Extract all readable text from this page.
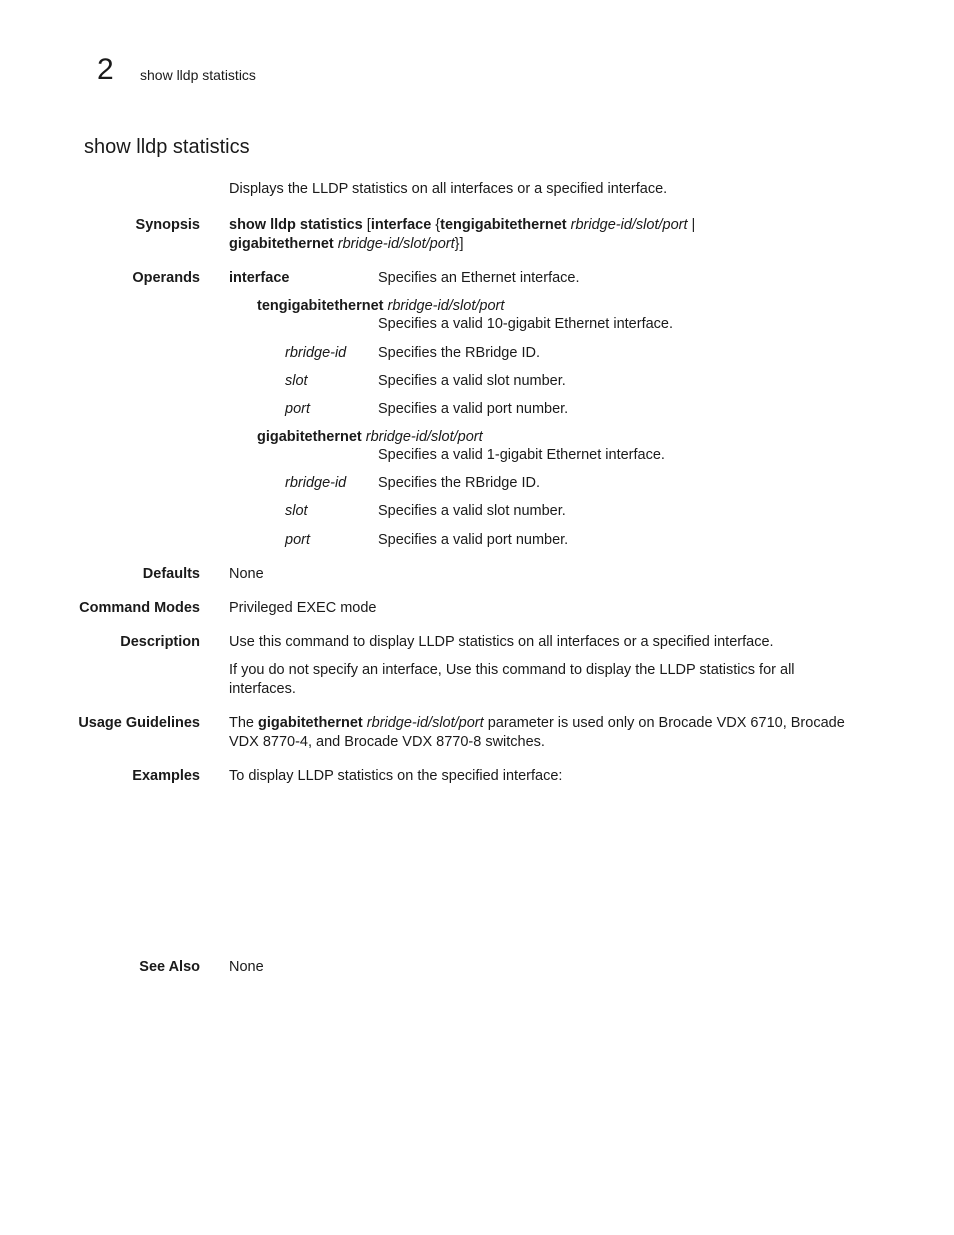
2 show lldp statistics
show lldp statistics
Displays the LLDP statistics on all interfaces or a specified interface.
Synopsis show lldp statistics [interface {tengigabitethernet rbridge-id/slot/port |
gigabitethernet rbridge-id/slot/port}]
Operands interface	Specifies an Ethernet interface.
tengigabitethernet rbridge-id/slot/port
Specifies a valid 10-gigabit Ethernet interface.
rbridge-id Specifies the RBridge ID.
slot	Specifies a valid slot number.
port	Specifies a valid port number.
gigabitethernet rbridge-id/slot/port
Specifies a valid 1-gigabit Ethernet interface.
rbridge-id Specifies the RBridge ID.
slot	Specifies a valid slot number.
port	Specifies a valid port number.
Defaults None
Command Modes Privileged EXEC mode
Description Use this command to display LLDP statistics on all interfaces or a specified interface.
If you do not specify an interface, Use this command to display the LLDP statistics for all interfaces.
Usage Guidelines The gigabitethernet rbridge-id/slot/port parameter is used only on Brocade VDX 6710, Brocade VDX 8770-4, and Brocade VDX 8770-8 switches.
Examples To display LLDP statistics on the specified interface:
See Also None
